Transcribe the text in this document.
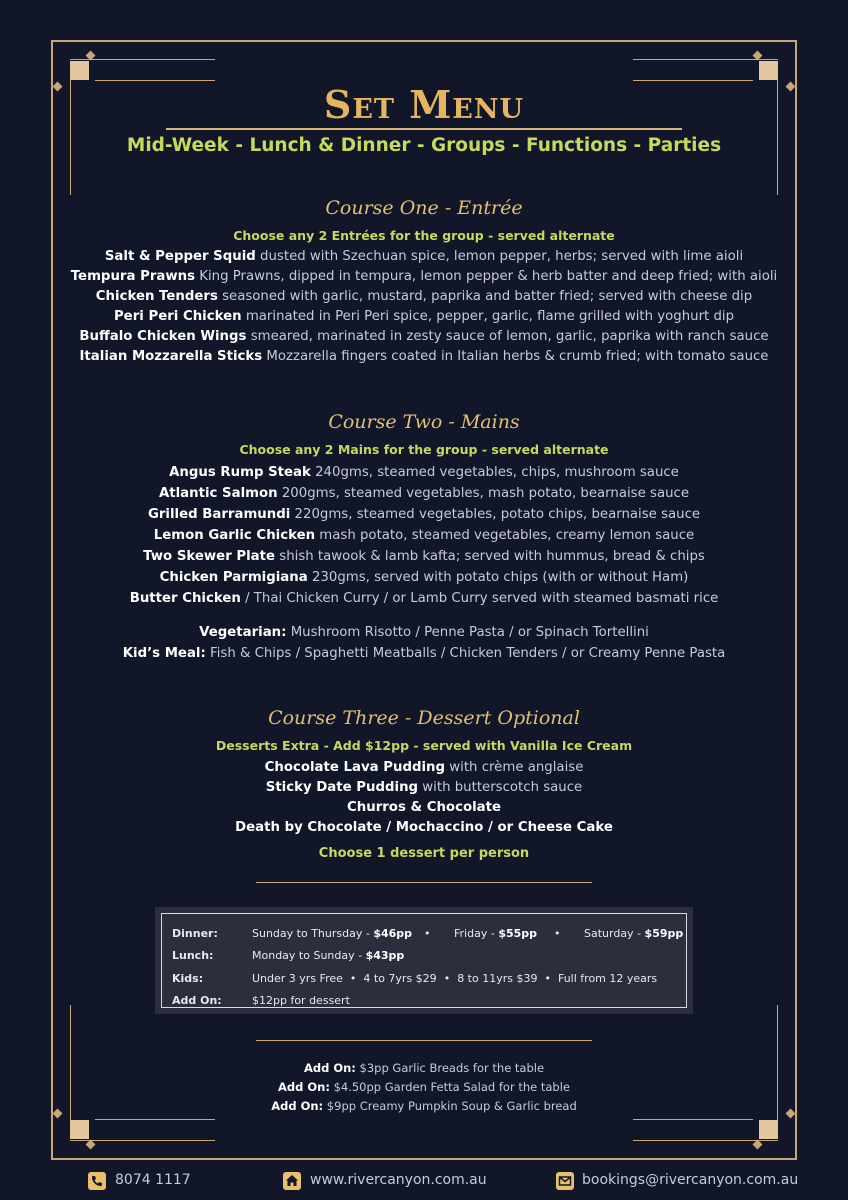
Set Menu
Mid-Week - Lunch & Dinner - Groups - Functions - Parties
Course One - Entrée
Choose any 2 Entrées for the group - served alternate
Salt & Pepper Squid dusted with Szechuan spice, lemon pepper, herbs; served with lime aioli
Tempura Prawns King Prawns, dipped in tempura, lemon pepper & herb batter and deep fried; with aioli
Chicken Tenders seasoned with garlic, mustard, paprika and batter fried; served with cheese dip
Peri Peri Chicken marinated in Peri Peri spice, pepper, garlic, flame grilled with yoghurt dip
Buffalo Chicken Wings smeared, marinated in zesty sauce of lemon, garlic, paprika with ranch sauce
Italian Mozzarella Sticks Mozzarella fingers coated in Italian herbs & crumb fried; with tomato sauce
Course Two - Mains
Choose any 2 Mains for the group - served alternate
Angus Rump Steak 240gms, steamed vegetables, chips, mushroom sauce
Atlantic Salmon 200gms, steamed vegetables, mash potato, bearnaise sauce
Grilled Barramundi 220gms, steamed vegetables, potato chips, bearnaise sauce
Lemon Garlic Chicken mash potato, steamed vegetables, creamy lemon sauce
Two Skewer Plate shish tawook & lamb kafta; served with hummus, bread & chips
Chicken Parmigiana 230gms, served with potato chips (with or without Ham)
Butter Chicken / Thai Chicken Curry / or Lamb Curry served with steamed basmati rice
Vegetarian: Mushroom Risotto / Penne Pasta / or Spinach Tortellini
Kid’s Meal: Fish & Chips / Spaghetti Meatballs / Chicken Tenders / or Creamy Penne Pasta
Course Three - Dessert Optional
Desserts Extra - Add $12pp - served with Vanilla Ice Cream
Chocolate Lava Pudding with crème anglaise
Sticky Date Pudding with butterscotch sauce
Churros & Chocolate
Death by Chocolate / Mochaccino / or Cheese Cake
Choose 1 dessert per person
Dinner:	Sunday to Thursday - $46pp • Friday - $55pp • Saturday - $59pp
Lunch:	Monday to Sunday - $43pp
Kids:	Under 3 yrs Free • 4 to 7yrs $29 • 8 to 11yrs $39 • Full from 12 years
Add On:	$12pp for dessert
Add On: $3pp Garlic Breads for the table
Add On: $4.50pp Garden Fetta Salad for the table
Add On: $9pp Creamy Pumpkin Soup & Garlic bread
8074 1117	www.rivercanyon.com.au	bookings@rivercanyon.com.au
